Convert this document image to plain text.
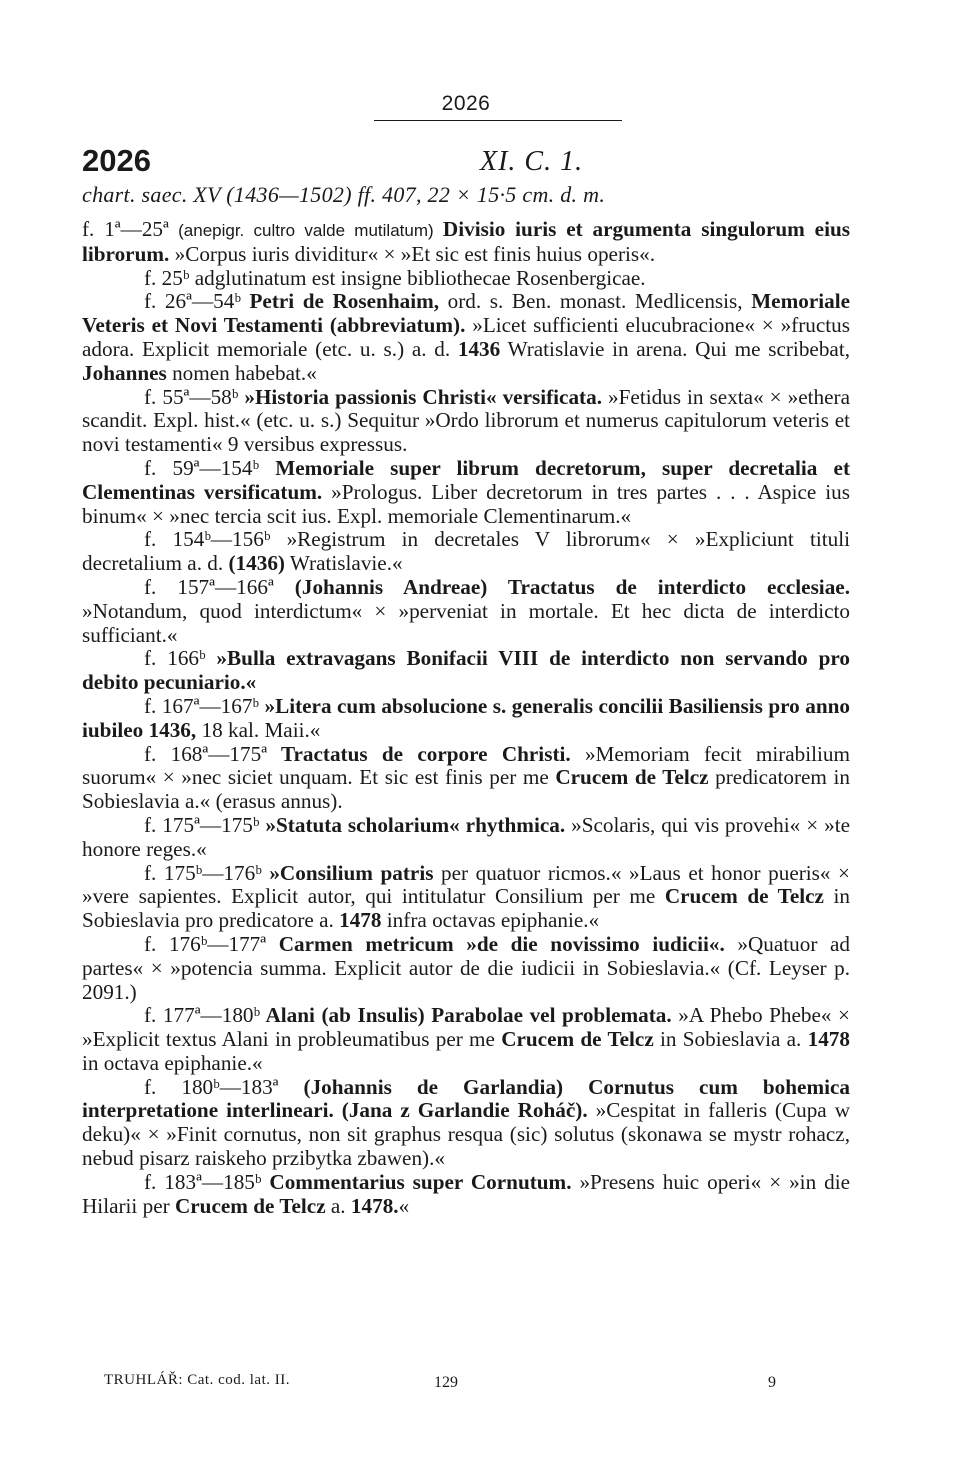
2026
2026	XI. C. 1.
chart. saec. XV (1436—1502) ff. 407, 22 × 15·5 cm. d. m.

f. 1ª—25ª (anepigr. cultro valde mutilatum) Divisio iuris et argumenta singulorum eius librorum. »Corpus iuris dividitur« × »Et sic est finis huius operis«.

f. 25ᵇ adglutinatum est insigne bibliothecae Rosenbergicae.

f. 26ª—54ᵇ Petri de Rosenhaim, ord. s. Ben. monast. Medlicensis, Memoriale Veteris et Novi Testamenti (abbreviatum). »Licet sufficienti elucubracione« × »fructus adora. Explicit memoriale (etc. u. s.) a. d. 1436 Wratislavie in arena. Qui me scribebat, Johannes nomen habebat.«

f. 55ª—58ᵇ »Historia passionis Christi« versificata. »Fetidus in sexta« × »ethera scandit. Expl. hist.« (etc. u. s.) Sequitur »Ordo librorum et numerus capitulorum veteris et novi testamenti« 9 versibus expressus.

f. 59ª—154ᵇ Memoriale super librum decretorum, super decretalia et Clementinas versificatum. »Prologus. Liber decretorum in tres partes . . . Aspice ius binum« × »nec tercia scit ius. Expl. memoriale Clementinarum.«

f. 154ᵇ—156ᵇ »Registrum in decretales V librorum« × »Expliciunt tituli decretalium a. d. (1436) Wratislavie.«

f. 157ª—166ª (Johannis Andreae) Tractatus de interdicto ecclesiae. »Notandum, quod interdictum« × »perveniat in mortale. Et hec dicta de interdicto sufficiant.«

f. 166ᵇ »Bulla extravagans Bonifacii VIII de interdicto non servando pro debito pecuniario.«

f. 167ª—167ᵇ »Litera cum absolucione s. generalis concilii Basiliensis pro anno iubileo 1436, 18 kal. Maii.«

f. 168ª—175ª Tractatus de corpore Christi. »Memoriam fecit mirabilium suorum« × »nec siciet unquam. Et sic est finis per me Crucem de Telcz predicatorem in Sobieslavia a.« (erasus annus).

f. 175ª—175ᵇ »Statuta scholarium« rhythmica. »Scolaris, qui vis provehi« × »te honore reges.«

f. 175ᵇ—176ᵇ »Consilium patris per quatuor ricmos.« »Laus et honor pueris« × »vere sapientes. Explicit autor, qui intitulatur Consilium per me Crucem de Telcz in Sobieslavia pro predicatore a. 1478 infra octavas epiphanie.«

f. 176ᵇ—177ª Carmen metricum »de die novissimo iudicii«. »Quatuor ad partes« × »potencia summa. Explicit autor de die iudicii in Sobieslavia.« (Cf. Leyser p. 2091.)

f. 177ª—180ᵇ Alani (ab Insulis) Parabolae vel problemata. »A Phebo Phebe« × »Explicit textus Alani in probleumatibus per me Crucem de Telcz in Sobieslavia a. 1478 in octava epiphanie.«

f. 180ᵇ—183ª (Johannis de Garlandia) Cornutus cum bohemica interpretatione interlineari. (Jana z Garlandie Roháč). »Cespitat in falleris (Cupa w deku)« × »Finit cornutus, non sit graphus resqua (sic) solutus (skonawa se mystr rohacz, nebud pisarz raiskeho przibytka zbawen).«

f. 183ª—185ᵇ Commentarius super Cornutum. »Presens huic operi« × »in die Hilarii per Crucem de Telcz a. 1478.«

TRUHLÁŘ: Cat. cod. lat. II.	129	9
